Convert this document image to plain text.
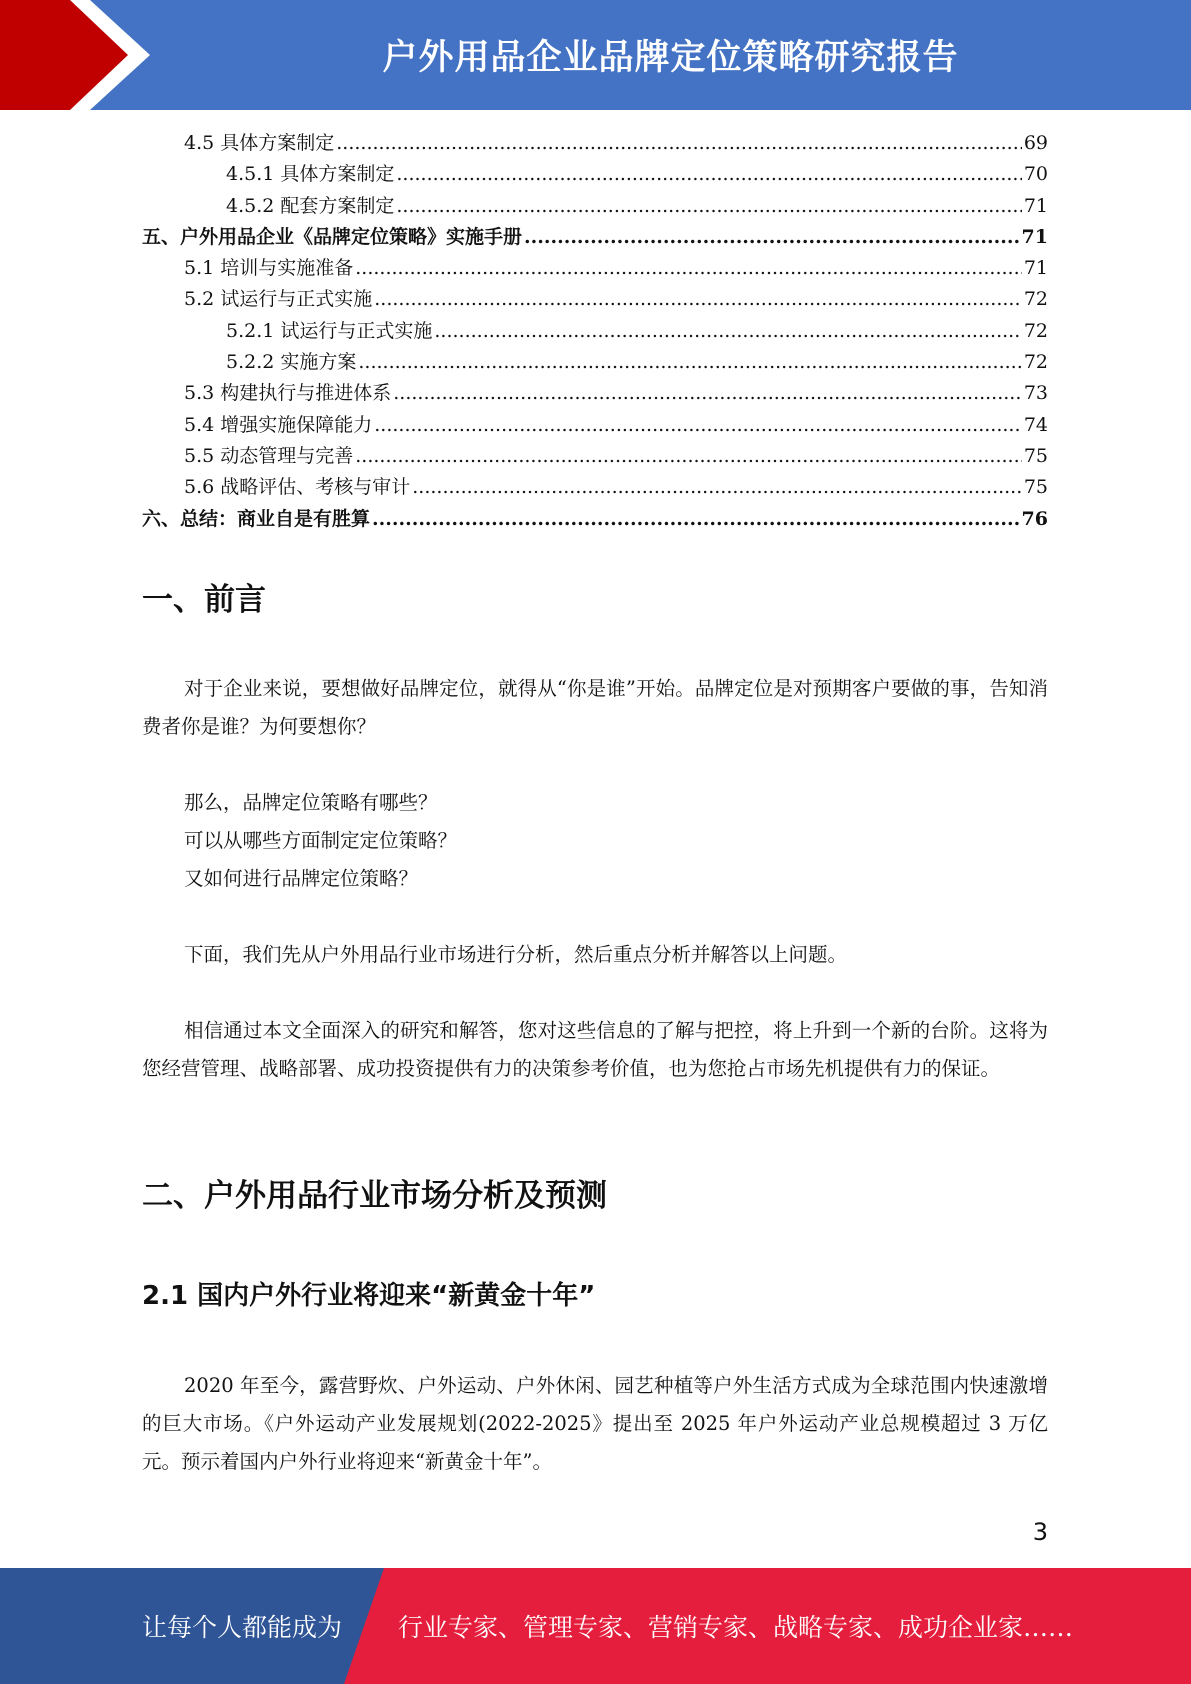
户外用品企业品牌定位策略研究报告
4.5 具体方案制定 .....	69
4.5.1 具体方案制定 .....	70
4.5.2 配套方案制定 .....	71
五、户外用品企业《品牌定位策略》实施手册 .....	71
5.1 培训与实施准备 .....	71
5.2 试运行与正式实施 .....	72
5.2.1 试运行与正式实施 .....	72
5.2.2 实施方案 .....	72
5.3 构建执行与推进体系 .....	73
5.4 增强实施保障能力 .....	74
5.5 动态管理与完善 .....	75
5.6 战略评估、考核与审计 .....	75
六、总结：商业自是有胜算 .....	76
一、前言

对于企业来说，要想做好品牌定位，就得从“你是谁”开始。品牌定位是对预期客户要做的事，告知消费者你是谁？为何要想你？

那么，品牌定位策略有哪些？

可以从哪些方面制定定位策略？

又如何进行品牌定位策略？

下面，我们先从户外用品行业市场进行分析，然后重点分析并解答以上问题。

相信通过本文全面深入的研究和解答，您对这些信息的了解与把控，将上升到一个新的台阶。这将为您经营管理、战略部署、成功投资提供有力的决策参考价值，也为您抢占市场先机提供有力的保证。

二、户外用品行业市场分析及预测
2.1 国内户外行业将迎来“新黄金十年”

2020 年至今，露营野炊、户外运动、户外休闲、园艺种植等户外生活方式成为全球范围内快速激增的巨大市场。《户外运动产业发展规划(2022-2025》提出至 2025 年户外运动产业总规模超过 3 万亿元。预示着国内户外行业将迎来“新黄金十年”。

3
让每个人都能成为 行业专家、管理专家、营销专家、战略专家、成功企业家……
